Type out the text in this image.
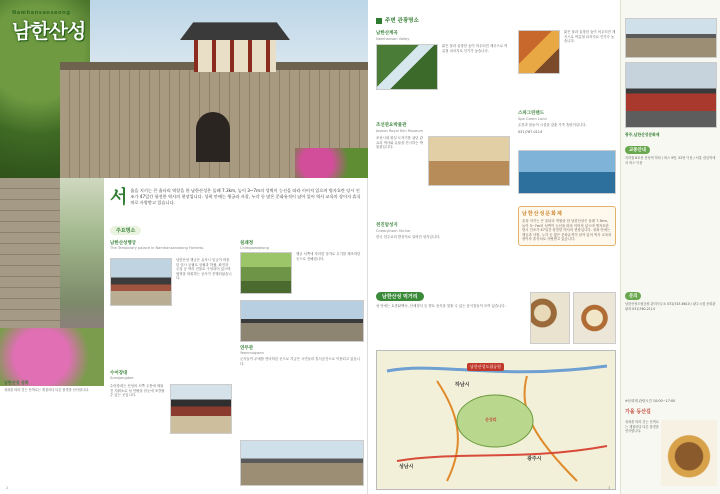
Namhansanseong
남한산성
남한산성 성곽
성곽을 따라 걷는 산책로는 계절마다 다른 풍경을 선사합니다.
서 울을 지키는 큰 울타리 역할을 한 남한산성은 둘레 7.3km, 높이 3~7m의 성벽이 능선을 따라 이어져 있으며 병자호란 당시 인조가 47일간 항전한 역사의 현장입니다. 성곽 안에는 행궁과 사찰, 누각 등 많은 문화유적이 남아 있어 역사 교육의 장이자 휴식처로 사랑받고 있습니다.
주요명소
남한산성행궁
The Temporary palace in Namhansanseong Fortress
남한산성 행궁은 유사시 임금이 머물던 임시 궁궐로 상궐과 하궐, 좌전과 우실 등 여러 건물로 구성되어 있으며 원형을 복원하는 공사가 진행되었습니다.
침괘정
Chimgwaejeong
행궁 서쪽에 자리한 정자로 무기를 제조하던 곳으로 전해집니다.
연무관
Yeonmugwan
군사들이 무예를 연마하던 곳으로 지금은 시민들의 휴식공간으로 이용되고 있습니다.
수어장대
Sueojangdae
수어장대는 산성의 서쪽 주봉에 세워진 지휘소로 성 안팎을 한눈에 조망할 수 있는 곳입니다.
2
주변 관광명소
남한산계곡
Namhansan Valley
맑은 물과 울창한 숲이 어우러진 계곡으로 여름철 피서지로 인기가 높습니다.
조선관요박물관
Joseon Royal Kiln Museum
조선시대 왕실 도자기를 굽던 관요의 역사와 유물을 전시하는 박물관입니다.
천진암성지
Cheonjinam Shrine
한국 천주교의 발상지로 알려진 성지입니다.
맑은 물과 울창한 숲이 어우러진 계곡으로 여름철 피서지로 인기가 높습니다.
스파그린랜드
Spa Green Land
온천과 물놀이 시설을 갖춘 가족 휴양지입니다.
031)767-0114
남한산성문화제
울을 지키는 큰 울타리 역할을 한 남한산성은 둘레 7.3km, 높이 3~7m의 성벽이 능선을 따라 이어져 있으며 병자호란 당시 인조가 47일간 항전한 역사의 현장입니다. 성곽 안에는 행궁과 사찰, 누각 등 많은 문화유적이 남아 있어 역사 교육의 장이자 휴식처로 사랑받고 있습니다.
남한산성 먹거리
성 안에는 토종닭백숙, 산채정식 등 향토 음식을 맛볼 수 있는 음식점들이 모여 있습니다.
하남시
남한산성도립공원
산성리
성남시
광주시
광주,남한산성문화제
교통안내
지하철 8호선 산성역 하차 / 버스 9번, 52번 이용 / 서울 잠실역에서 버스 이용
문의
남한산성도립공원 관리사무소 031)743-6610 / 광주시청 문화관광과 031)760-2114
※문화재 관람시간 10:00~17:00
가을 등산길
성곽을 따라 걷는 산책로는 계절마다 다른 풍경을 선사합니다.
3
